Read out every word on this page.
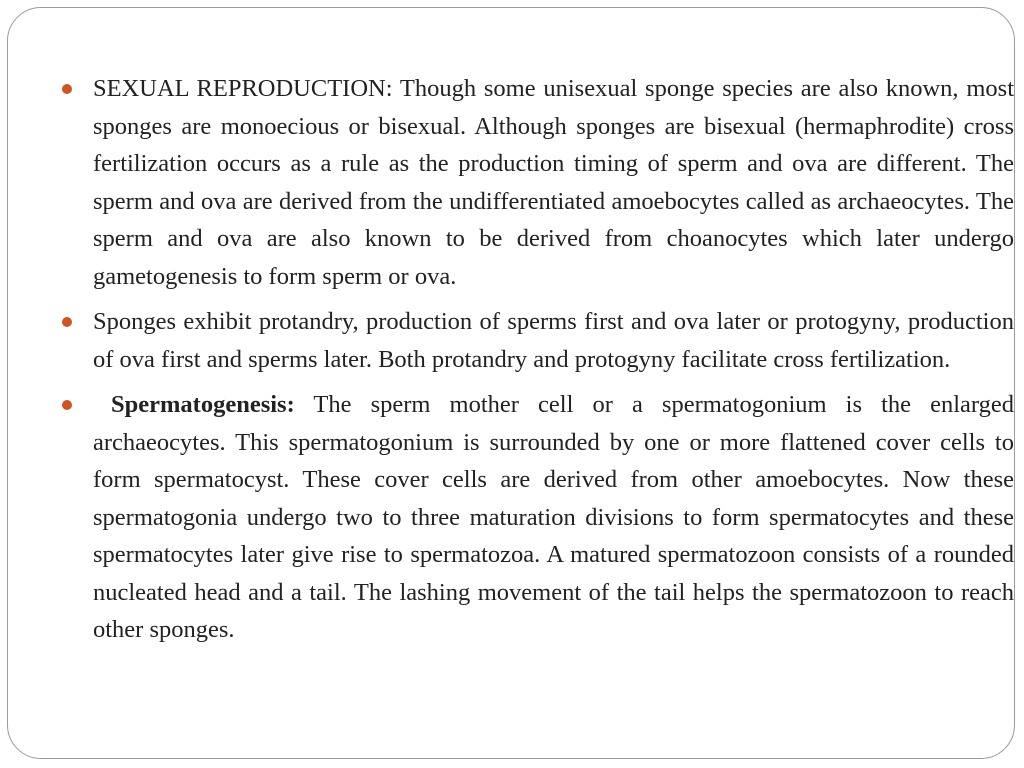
SEXUAL REPRODUCTION: Though some unisexual sponge species are also known, most sponges are monoecious or bisexual. Although sponges are bisexual (hermaphrodite) cross fertilization occurs as a rule as the production timing of sperm and ova are different. The sperm and ova are derived from the undifferentiated amoebocytes called as archaeocytes. The sperm and ova are also known to be derived from choanocytes which later undergo gametogenesis to form sperm or ova.
Sponges exhibit protandry, production of sperms first and ova later or protogyny, production of ova first and sperms later. Both protandry and protogyny facilitate cross fertilization.
Spermatogenesis: The sperm mother cell or a spermatogonium is the enlarged archaeocytes. This spermatogonium is surrounded by one or more flattened cover cells to form spermatocyst. These cover cells are derived from other amoebocytes. Now these spermatogonia undergo two to three maturation divisions to form spermatocytes and these spermatocytes later give rise to spermatozoa. A matured spermatozoon consists of a rounded nucleated head and a tail. The lashing movement of the tail helps the spermatozoon to reach other sponges.
